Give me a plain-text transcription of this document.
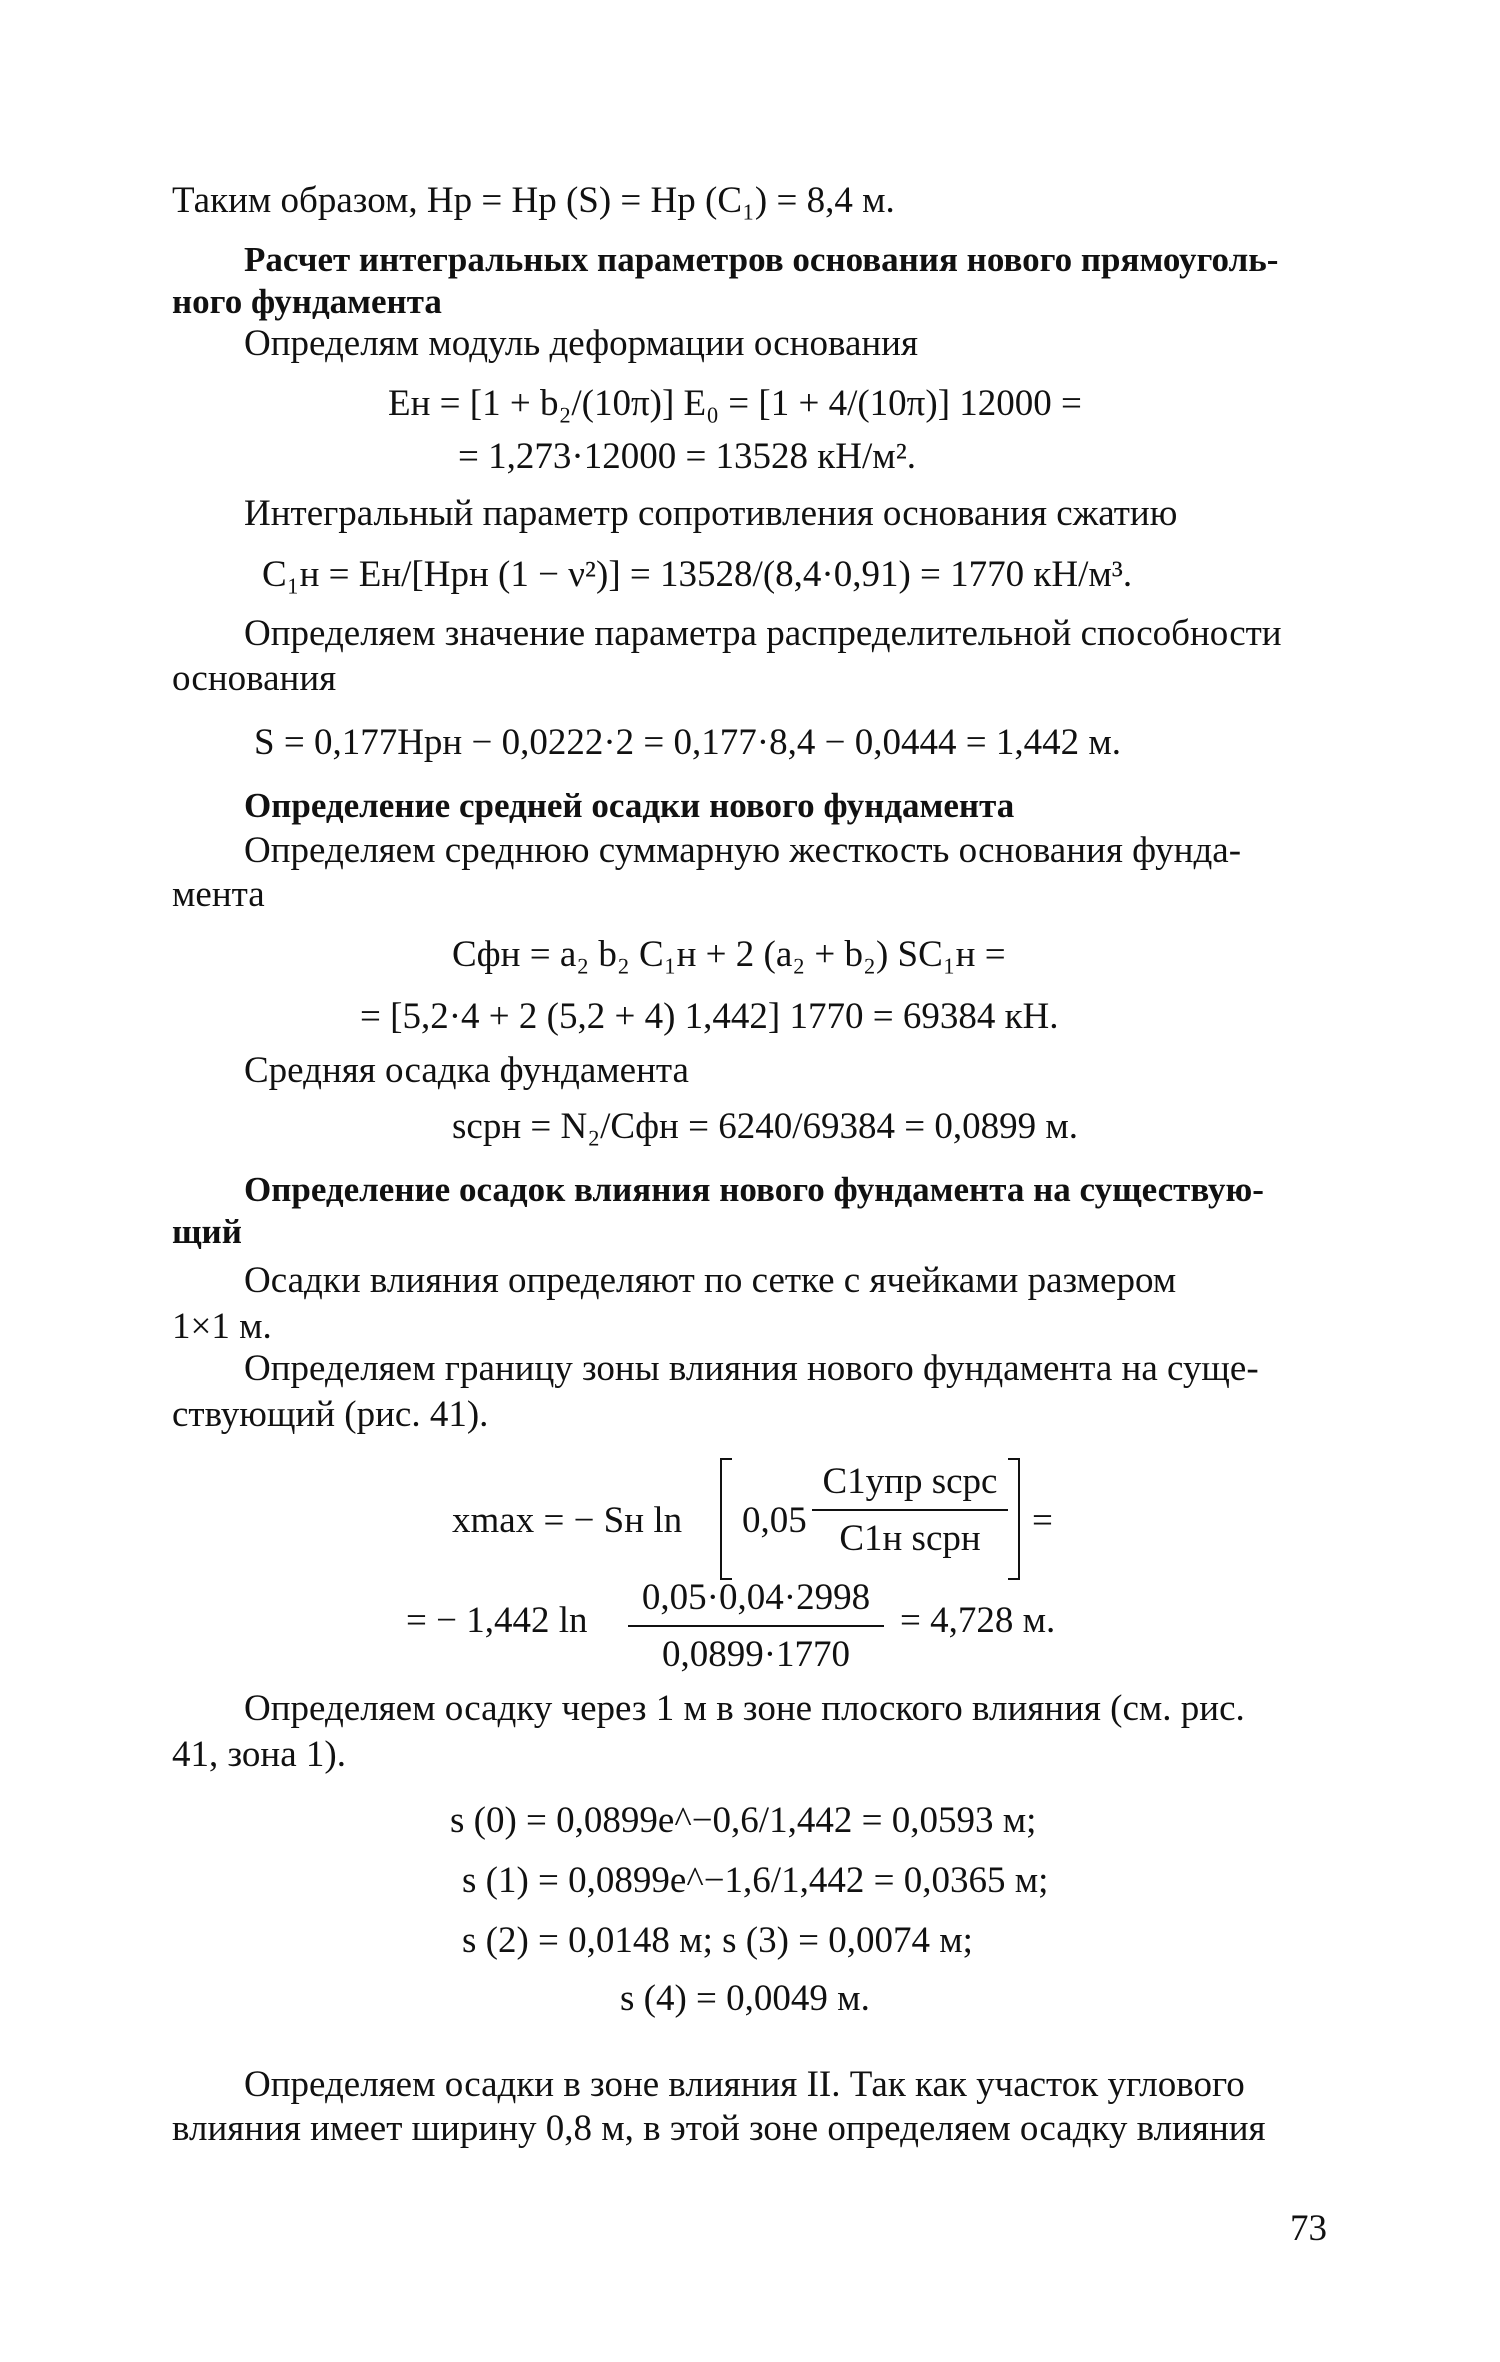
Таким образом, Hр = Hр (S) = Hр (C₁) = 8,4 м.
Расчет интегральных параметров основания нового прямоуголь-
ного фундамента
Определям модуль деформации основания
Eн = [1 + b₂/(10π)] E₀ = [1 + 4/(10π)] 12000 =
= 1,273·12000 = 13528 кН/м².
Интегральный параметр сопротивления основания сжатию
C₁н = Eн/[Hрн (1 − ν²)] = 13528/(8,4·0,91) = 1770 кН/м³.
Определяем значение параметра распределительной способности
основания
S = 0,177Hрн − 0,0222·2 = 0,177·8,4 − 0,0444 = 1,442 м.
Определение средней осадки нового фундамента
Определяем среднюю суммарную жесткость основания фунда-
мента
Cфн = a₂ b₂ C₁н + 2 (a₂ + b₂) SC₁н =
= [5,2·4 + 2 (5,2 + 4) 1,442] 1770 = 69384 кН.
Средняя осадка фундамента
sсрн = N₂/Cфн = 6240/69384 = 0,0899 м.
Определение осадок влияния нового фундамента на существую-
щий
Осадки влияния определяют по сетке с ячейками размером
1×1 м.
Определяем границу зоны влияния нового фундамента на суще-
ствующий (рис. 41).
xmax = − Sн ln 0,05
C1упр sсрс
C1н sсрн	=
= − 1,442 $\ln \frac{0,05\cdot 0,04\cdot 2998}{0,0899\cdot 1770} = 4,728$ м.
Определяем осадку через 1 м в зоне плоского влияния (см. рис.
41, зона 1).
s (0) = 0,0899e^−0,6/1,442 = 0,0593 м;
s (1) = 0,0899e^−1,6/1,442 = 0,0365 м;
s (2) = 0,0148 м; s (3) = 0,0074 м;
s (4) = 0,0049 м.
Определяем осадки в зоне влияния II. Так как участок углового
влияния имеет ширину 0,8 м, в этой зоне определяем осадку влияния
73
